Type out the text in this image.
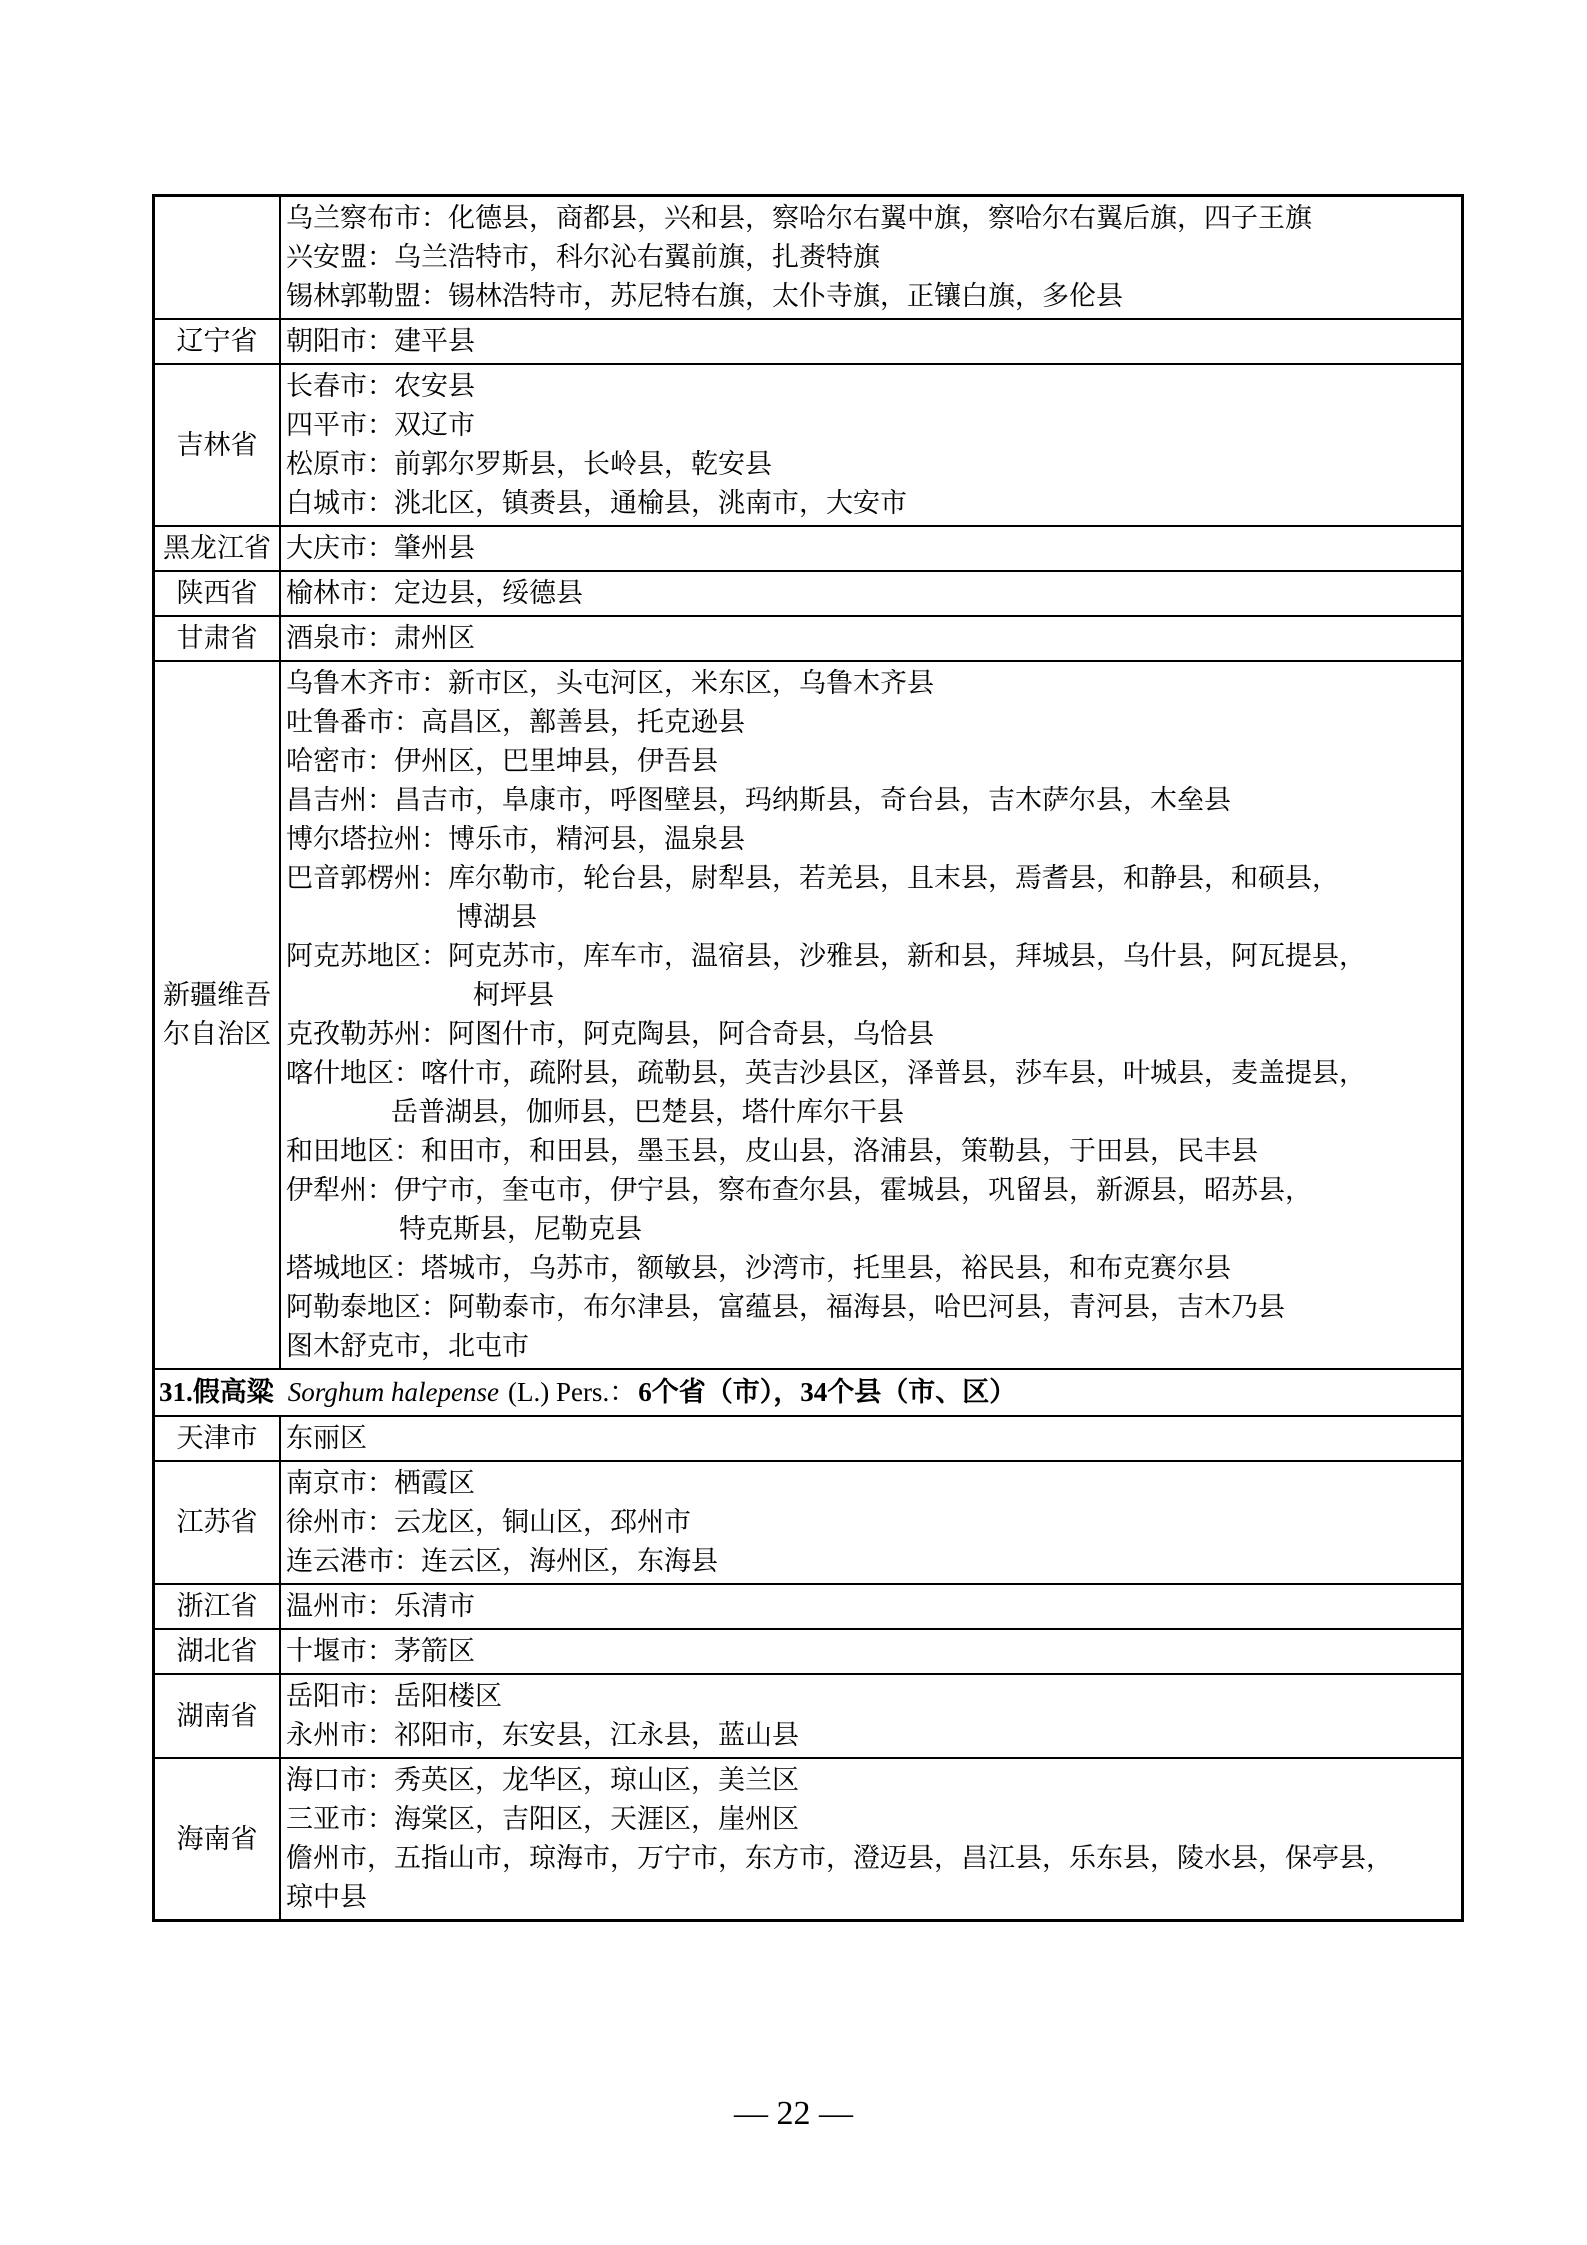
乌兰察布市：化德县，商都县，兴和县，察哈尔右翼中旗，察哈尔右翼后旗，四子王旗
兴安盟：乌兰浩特市，科尔沁右翼前旗，扎赉特旗
锡林郭勒盟：锡林浩特市，苏尼特右旗，太仆寺旗，正镶白旗，多伦县
辽宁省 朝阳市：建平县
吉林省
长春市：农安县
四平市：双辽市
松原市：前郭尔罗斯县，长岭县，乾安县
白城市：洮北区，镇赉县，通榆县，洮南市，大安市
黑龙江省 大庆市：肇州县
陕西省 榆林市：定边县，绥德县
甘肃省 酒泉市：肃州区
新疆维吾
尔自治区
乌鲁木齐市：新市区，头屯河区，米东区，乌鲁木齐县
吐鲁番市：高昌区，鄯善县，托克逊县
哈密市：伊州区，巴里坤县，伊吾县
昌吉州：昌吉市，阜康市，呼图壁县，玛纳斯县，奇台县，吉木萨尔县，木垒县
博尔塔拉州：博乐市，精河县，温泉县
巴音郭楞州：库尔勒市，轮台县，尉犁县，若羌县，且末县，焉耆县，和静县，和硕县，
博湖县
阿克苏地区：阿克苏市，库车市，温宿县，沙雅县，新和县，拜城县，乌什县，阿瓦提县，
柯坪县
克孜勒苏州：阿图什市，阿克陶县，阿合奇县，乌恰县
喀什地区：喀什市，疏附县，疏勒县，英吉沙县区，泽普县，莎车县，叶城县，麦盖提县，
岳普湖县，伽师县，巴楚县，塔什库尔干县
和田地区：和田市，和田县，墨玉县，皮山县，洛浦县，策勒县，于田县，民丰县
伊犁州：伊宁市，奎屯市，伊宁县，察布查尔县，霍城县，巩留县，新源县，昭苏县，
特克斯县，尼勒克县
塔城地区：塔城市，乌苏市，额敏县，沙湾市，托里县，裕民县，和布克赛尔县
阿勒泰地区：阿勒泰市，布尔津县，富蕴县，福海县，哈巴河县，青河县，吉木乃县
图木舒克市，北屯市
31.假高粱 Sorghum halepense (L.) Pers.：6个省（市），34个县（市、区）
天津市 东丽区
江苏省
南京市：栖霞区
徐州市：云龙区，铜山区，邳州市
连云港市：连云区，海州区，东海县
浙江省 温州市：乐清市
湖北省 十堰市：茅箭区
湖南省
岳阳市：岳阳楼区
永州市：祁阳市，东安县，江永县，蓝山县
海南省
海口市：秀英区，龙华区，琼山区，美兰区
三亚市：海棠区，吉阳区，天涯区，崖州区
儋州市，五指山市，琼海市，万宁市，东方市，澄迈县，昌江县，乐东县，陵水县，保亭县，
琼中县
— 22 —
